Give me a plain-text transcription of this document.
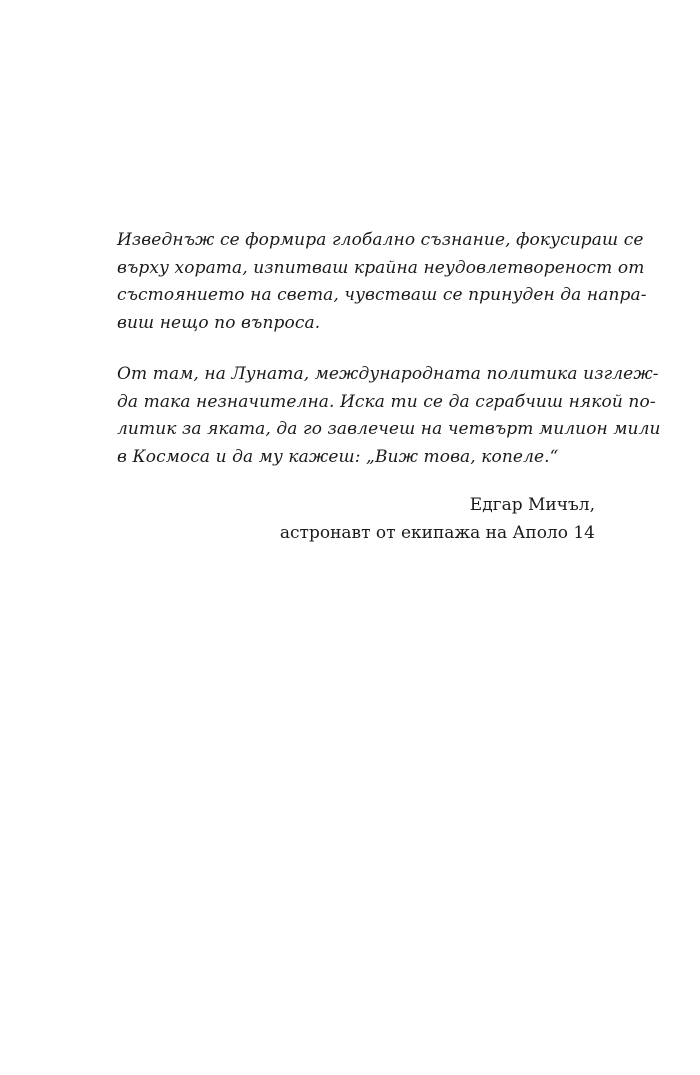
Изведнъж се формира глобално съзнание, фокусираш се
върху хората, изпитваш крайна неудовлетвореност от
състоянието на света, чувстваш се принуден да напра-
виш нещо по въпроса.

От там, на Луната, международната политика изглеж-
да така незначителна. Иска ти се да сграбчиш някой по-
литик за яката, да го завлечеш на четвърт милион мили
в Космоса и да му кажеш: „Виж това, копеле.“

Едгар Мичъл,
астронавт от екипажа на Аполо 14
